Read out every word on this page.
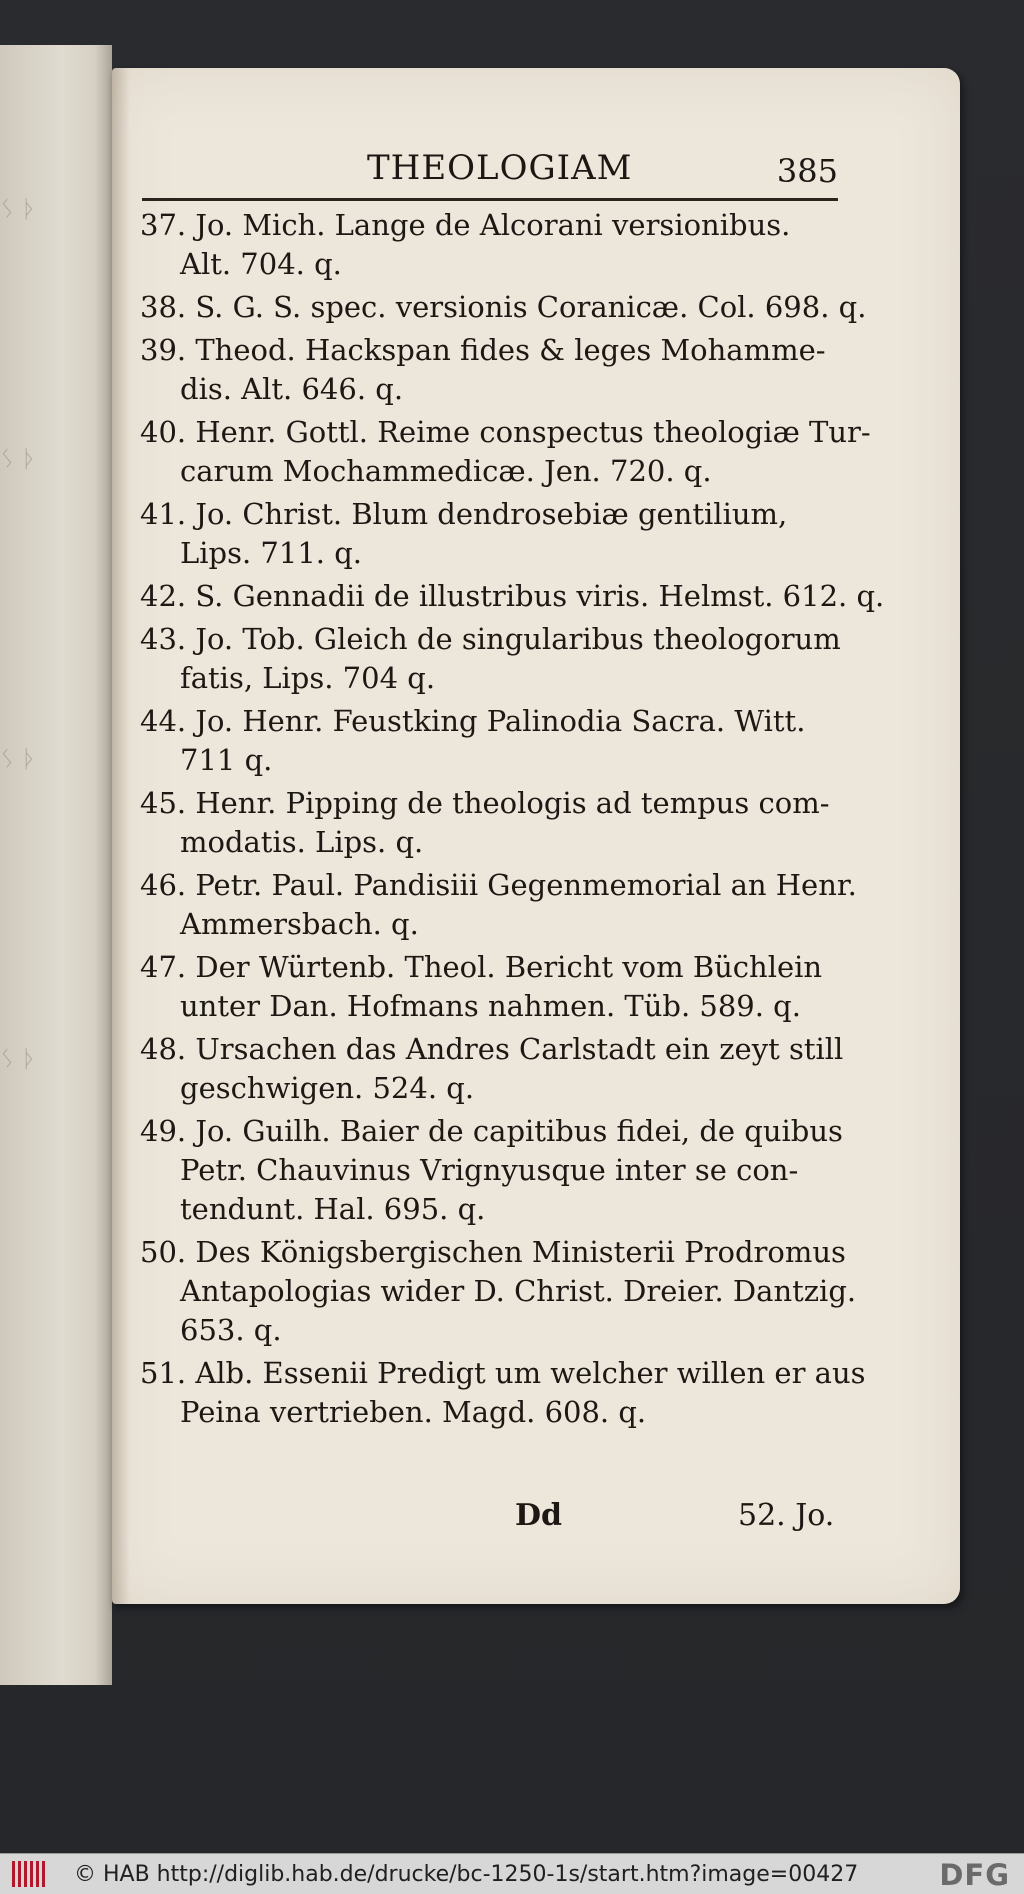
ᛊ ᚦ
ᛊ ᚦ
ᛊ ᚦ
ᛊ ᚦ
THEOLOGIAM	385
37. Jo. Mich. Lange de Alcorani versionibus.
Alt. 704. q.
38. S. G. S. spec. versionis Coranicæ. Col. 698. q.
39. Theod. Hackspan fides & leges Mohamme-
dis. Alt. 646. q.
40. Henr. Gottl. Reime conspectus theologiæ Tur-
carum Mochammedicæ. Jen. 720. q.
41. Jo. Christ. Blum dendrosebiæ gentilium,
Lips. 711. q.
42. S. Gennadii de illustribus viris. Helmst. 612. q.
43. Jo. Tob. Gleich de singularibus theologorum
fatis, Lips. 704 q.
44. Jo. Henr. Feustking Palinodia Sacra. Witt.
711 q.
45. Henr. Pipping de theologis ad tempus com-
modatis. Lips. q.
46. Petr. Paul. Pandisiii Gegenmemorial an Henr.
Ammersbach. q.
47. Der Würtenb. Theol. Bericht vom Büchlein
unter Dan. Hofmans nahmen. Tüb. 589. q.
48. Ursachen das Andres Carlstadt ein zeyt still
geschwigen. 524. q.
49. Jo. Guilh. Baier de capitibus fidei, de quibus
Petr. Chauvinus Vrignyusque inter se con-
tendunt. Hal. 695. q.
50. Des Königsbergischen Ministerii Prodromus
Antapologias wider D. Christ. Dreier. Dantzig.
653. q.
51. Alb. Essenii Predigt um welcher willen er aus
Peina vertrieben. Magd. 608. q.
Dd	52. Jo.
© HAB http://diglib.hab.de/drucke/bc-1250-1s/start.htm?image=00427	DFG
